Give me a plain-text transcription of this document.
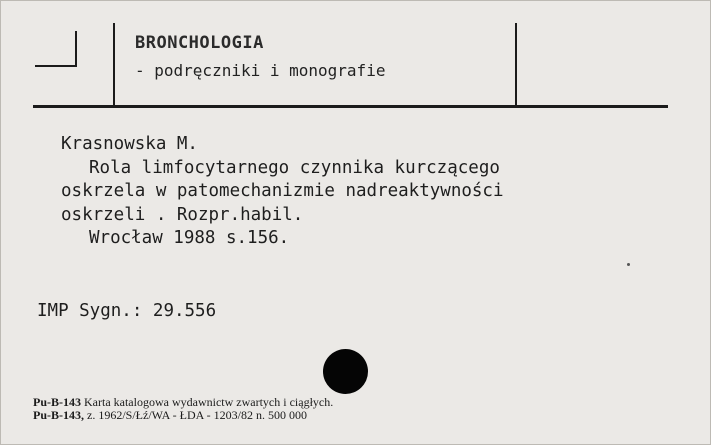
BRONCHOLOGIA
- podręczniki i monografie
Krasnowska M.
Rola limfocytarnego czynnika kurczącego
oskrzela w patomechanizmie nadreaktywności
oskrzeli . Rozpr.habil.
Wrocław 1988 s.156.
IMP Sygn.: 29.556
Pu-B-143 Karta katalogowa wydawnictw zwartych i ciągłych.
Pu-B-143, z. 1962/S/Łź/WA - ŁDA - 1203/82 n. 500 000
